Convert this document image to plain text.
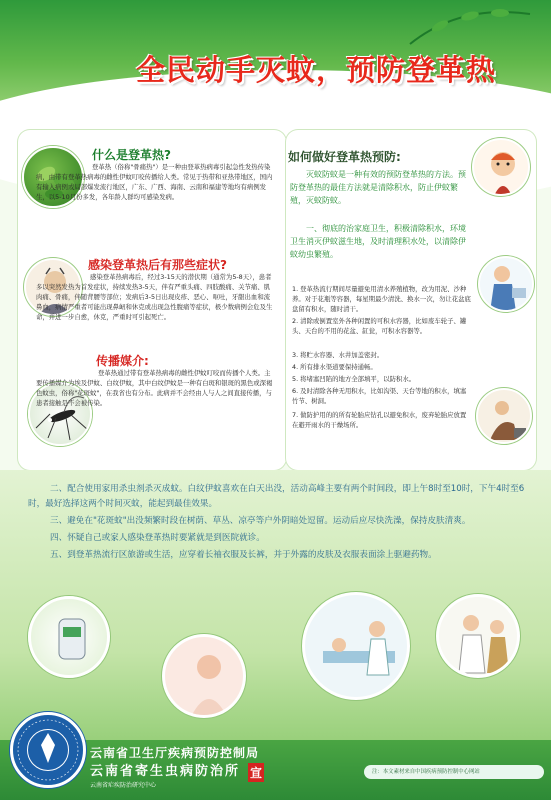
全民动手灭蚊，预防登革热
什么是登革热?
登革热（俗称"骨痛热"）是一种由登革热病毒引起急性发热传染病，由带有登革热病毒的雌性伊蚊叮咬传播给人类。常见于热带和亚热带地区，国内有输入病例或局部爆发流行地区，广东、广西、海南、云南和福建等地均有病例发生，以5-10月份多发，各年龄人群均可感染发病。
感染登革热后有那些症状?
感染登革热病毒后，经过3-15天的潜伏期（通常为5-8天），患者多以突然发热为首发症状，持续发热3-5天，伴有严重头痛、四肢酸痛、关节痛、肌肉痛、骨痛，伴随背腰等部位；发病后3-5日出现皮疹、恶心、呕吐，牙龈出血和流鼻血，病情严重者可能出现鼻衄和休克或出现急性腹痛等症状，极少数病例会危及生命，并进一步自愈，休克，严重时可引起死亡。
传播媒介:
登革热通过带有登革热病毒的雌性伊蚊叮咬而传播个人类。主要传播媒介为埃及伊蚊、白纹伊蚊，其中白纹伊蚊是一种有白斑和银斑的黑色或深褐色蚊虫，俗称"花斑蚊"，在我省也有分布。此病并不会经由人与人之间直接传播，与患者接触是不会被传染。
如何做好登革热预防:
灭蚊防蚊是一种有效的预防登革热的方法。预防登革热的最佳方法就是清除积水，防止伊蚊繁殖，灭蚊防蚊。
一、彻底的治家庭卫生，积极清除积水，环境卫生消灭伊蚊滋生地，及时清理积水处，以清除伊蚊幼虫繁殖。
1. 登革热流行期间尽量避免用清水养殖植物，改为用泥、沙种养。对于花瓶等容器，每星期最少清洗、换水一次，勿让花盆底盘留有积水，随时清干。
2. 清除或倒置室外各种闲置的可积水容器，比如废车轮子、罐头、天台的不用的花盆、缸瓮，可积水容器等。
3. 将贮水容器、水井加盖密封。
4. 所有排水渠道要保持通畅。
5. 将堵塞凹陷的地方全部填平，以防积水。
6. 及时清除各种无用积水，比如沟渠、天台等地的积水，填塞竹节、树洞。
7. 做防护用的的所有轮胎应钻孔以避免积水，废弃轮胎应放置在避开雨水的干燥场所。

二、配合使用家用杀虫剂杀灭成蚊。白纹伊蚊喜欢在白天出没，活动高峰主要有两个时间段，即上午8时至10时，下午4时至6时，最好选择这两个时间灭蚊，能起到最佳效果。

三、避免在"花斑蚊"出没频繁时段在树荫、草丛、凉亭等户外阴暗处逗留。运动后应尽快洗澡，保持皮肤清爽。

四、怀疑自己或家人感染登革热时要紧就是到医院就诊。

五、到登革热流行区旅游或生活，应穿着长袖衣服及长裤，并于外露的皮肤及衣服表面涂上驱避药物。

云南省卫生厅疾病预防控制局
云南省寄生虫病防治所
云南省疟疾防治研究中心
宣	注：本文素材来自中国疾病预防控制中心网站
